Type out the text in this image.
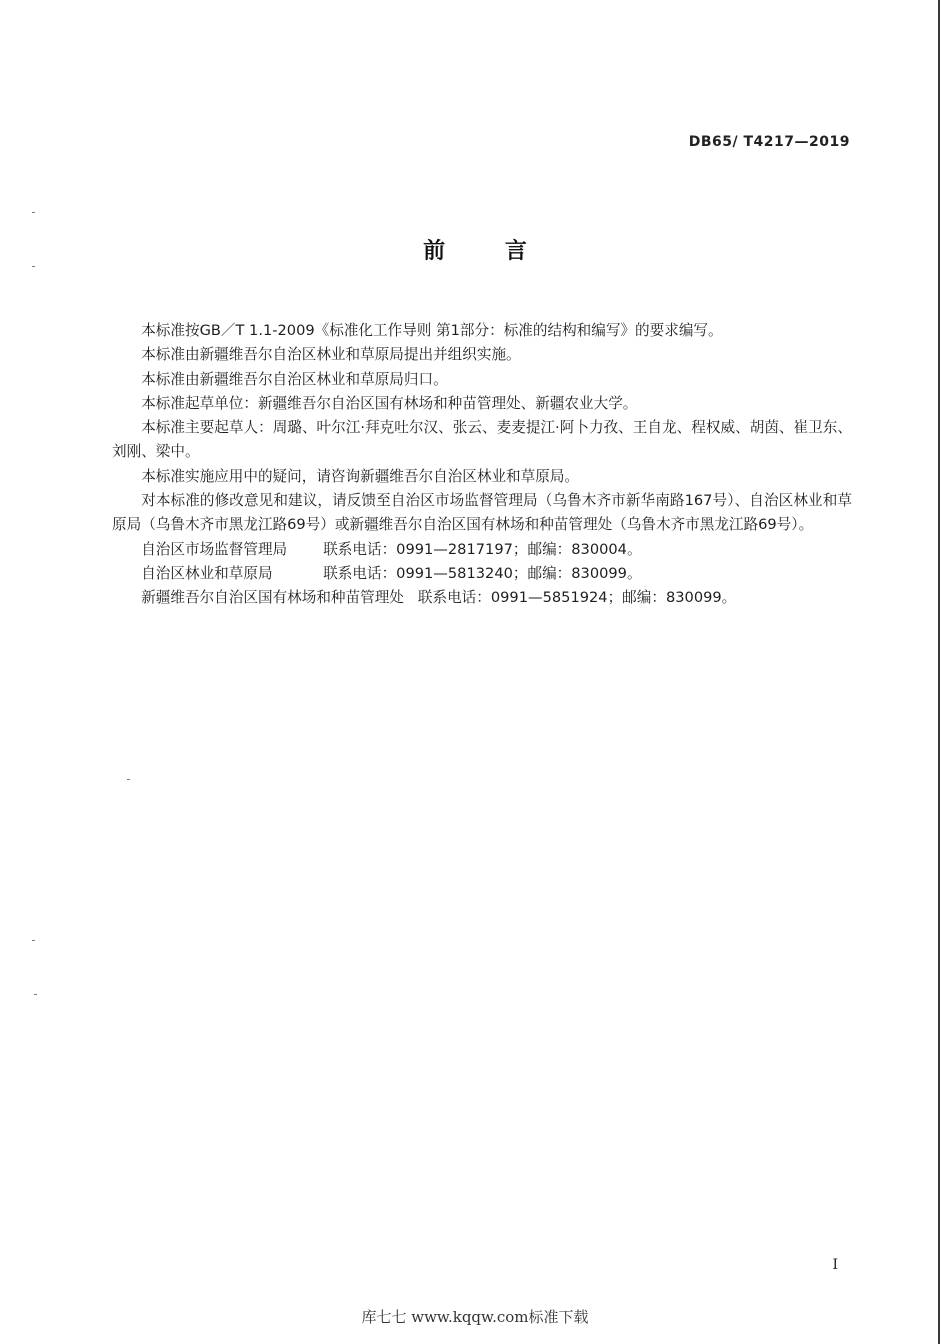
DB65/ T4217—2019
前 言

本标准按GB／T 1.1-2009《标准化工作导则 第1部分：标准的结构和编写》的要求编写。

本标准由新疆维吾尔自治区林业和草原局提出并组织实施。

本标准由新疆维吾尔自治区林业和草原局归口。

本标准起草单位：新疆维吾尔自治区国有林场和种苗管理处、新疆农业大学。

本标准主要起草人：周璐、叶尔江·拜克吐尔汉、张云、麦麦提江·阿卜力孜、王自龙、程权威、胡茵、崔卫东、刘刚、梁中。

本标准实施应用中的疑问，请咨询新疆维吾尔自治区林业和草原局。

对本标准的修改意见和建议，请反馈至自治区市场监督管理局（乌鲁木齐市新华南路167号）、自治区林业和草原局（乌鲁木齐市黑龙江路69号）或新疆维吾尔自治区国有林场和种苗管理处（乌鲁木齐市黑龙江路69号）。

自治区市场监督管理局 联系电话：0991—2817197；邮编：830004。
自治区林业和草原局	联系电话：0991—5813240；邮编：830099。
新疆维吾尔自治区国有林场和种苗管理处 联系电话：0991—5851924；邮编：830099。
I
库七七 www.kqqw.com标准下载
